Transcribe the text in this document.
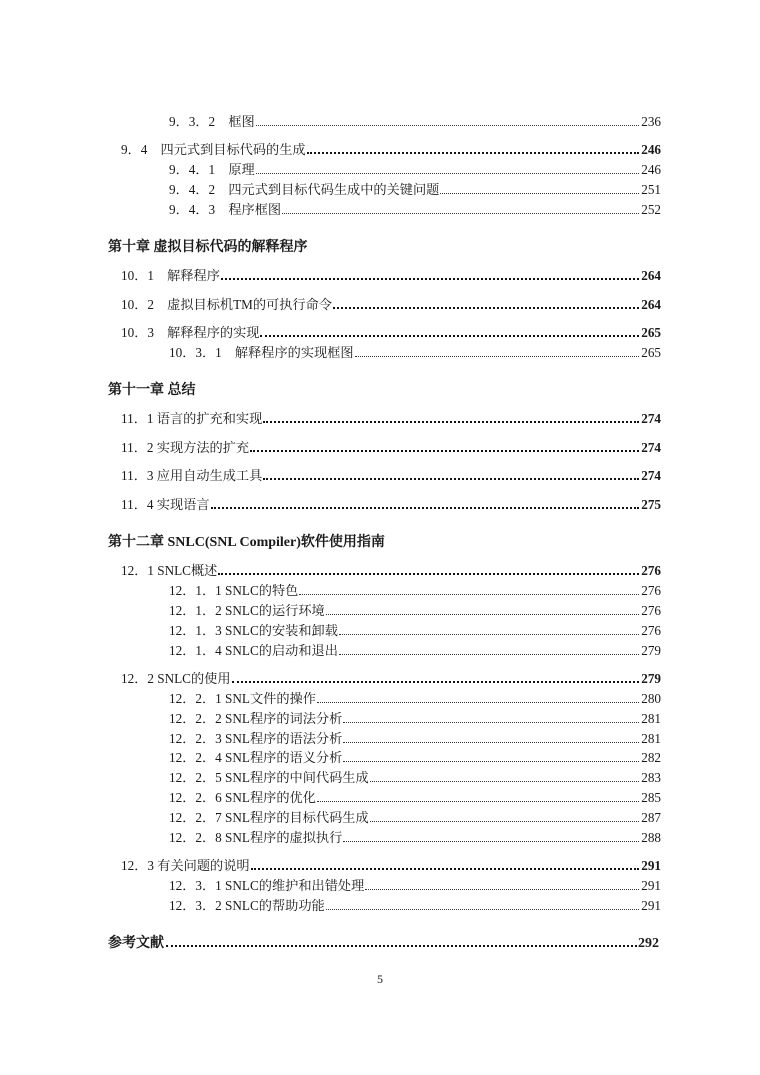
9．3．2　框图	236
9．4　四元式到目标代码的生成	246
9．4．1　原理	246
9．4．2　四元式到目标代码生成中的关键问题	251
9．4．3　程序框图	252
第十章 虚拟目标代码的解释程序
10．1　解释程序	264
10．2　虚拟目标机TM的可执行命令	264
10．3　解释程序的实现	265
10．3．1　解释程序的实现框图	265
第十一章 总结
11．1 语言的扩充和实现	274
11．2 实现方法的扩充	274
11．3 应用自动生成工具	274
11．4 实现语言	275
第十二章 SNLC(SNL Compiler)软件使用指南
12．1 SNLC概述	276
12．1．1 SNLC的特色	276
12．1．2 SNLC的运行环境	276
12．1．3 SNLC的安装和卸载	276
12．1．4 SNLC的启动和退出	279
12．2 SNLC的使用	279
12．2．1 SNL文件的操作	280
12．2．2 SNL程序的词法分析	281
12．2．3 SNL程序的语法分析	281
12．2．4 SNL程序的语义分析	282
12．2．5 SNL程序的中间代码生成	283
12．2．6 SNL程序的优化	285
12．2．7 SNL程序的目标代码生成	287
12．2．8 SNL程序的虚拟执行	288
12．3 有关问题的说明	291
12．3．1 SNLC的维护和出错处理	291
12．3．2 SNLC的帮助功能	291
参考文献	292
5
